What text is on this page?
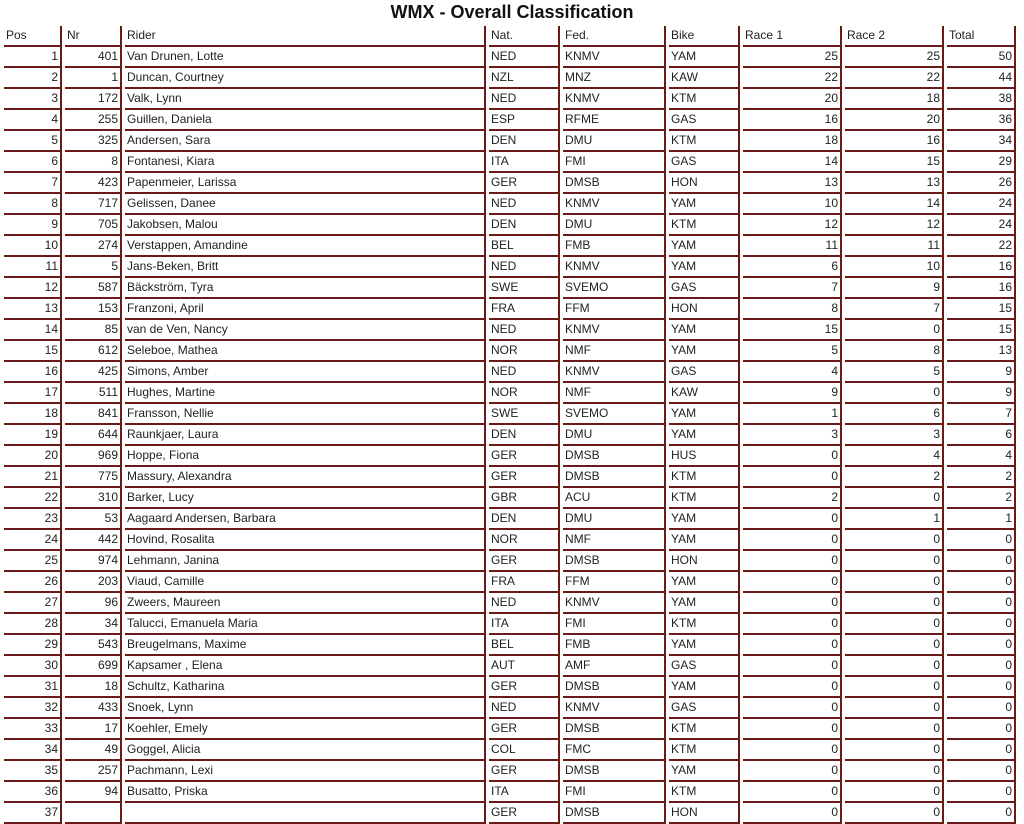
WMX - Overall Classification
Pos	Nr	Rider	Nat.	Fed.	Bike	Race 1	Race 2	Total
1	401	Van Drunen, Lotte	NED	KNMV	YAM	25	25	50
2	1	Duncan, Courtney	NZL	MNZ	KAW	22	22	44
3	172	Valk, Lynn	NED	KNMV	KTM	20	18	38
4	255	Guillen, Daniela	ESP	RFME	GAS	16	20	36
5	325	Andersen, Sara	DEN	DMU	KTM	18	16	34
6	8	Fontanesi, Kiara	ITA	FMI	GAS	14	15	29
7	423	Papenmeier, Larissa	GER	DMSB	HON	13	13	26
8	717	Gelissen, Danee	NED	KNMV	YAM	10	14	24
9	705	Jakobsen, Malou	DEN	DMU	KTM	12	12	24
10	274	Verstappen, Amandine	BEL	FMB	YAM	11	11	22
11	5	Jans-Beken, Britt	NED	KNMV	YAM	6	10	16
12	587	Bäckström, Tyra	SWE	SVEMO	GAS	7	9	16
13	153	Franzoni, April	FRA	FFM	HON	8	7	15
14	85	van de Ven, Nancy	NED	KNMV	YAM	15	0	15
15	612	Seleboe, Mathea	NOR	NMF	YAM	5	8	13
16	425	Simons, Amber	NED	KNMV	GAS	4	5	9
17	511	Hughes, Martine	NOR	NMF	KAW	9	0	9
18	841	Fransson, Nellie	SWE	SVEMO	YAM	1	6	7
19	644	Raunkjaer, Laura	DEN	DMU	YAM	3	3	6
20	969	Hoppe, Fiona	GER	DMSB	HUS	0	4	4
21	775	Massury, Alexandra	GER	DMSB	KTM	0	2	2
22	310	Barker, Lucy	GBR	ACU	KTM	2	0	2
23	53	Aagaard Andersen, Barbara	DEN	DMU	YAM	0	1	1
24	442	Hovind, Rosalita	NOR	NMF	YAM	0	0	0
25	974	Lehmann, Janina	GER	DMSB	HON	0	0	0
26	203	Viaud, Camille	FRA	FFM	YAM	0	0	0
27	96	Zweers, Maureen	NED	KNMV	YAM	0	0	0
28	34	Talucci, Emanuela Maria	ITA	FMI	KTM	0	0	0
29	543	Breugelmans, Maxime	BEL	FMB	YAM	0	0	0
30	699	Kapsamer , Elena	AUT	AMF	GAS	0	0	0
31	18	Schultz, Katharina	GER	DMSB	YAM	0	0	0
32	433	Snoek, Lynn	NED	KNMV	GAS	0	0	0
33	17	Koehler, Emely	GER	DMSB	KTM	0	0	0
34	49	Goggel, Alicia	COL	FMC	KTM	0	0	0
35	257	Pachmann, Lexi	GER	DMSB	YAM	0	0	0
36	94	Busatto, Priska	ITA	FMI	KTM	0	0	0
37			GER	DMSB	HON	0	0	0
